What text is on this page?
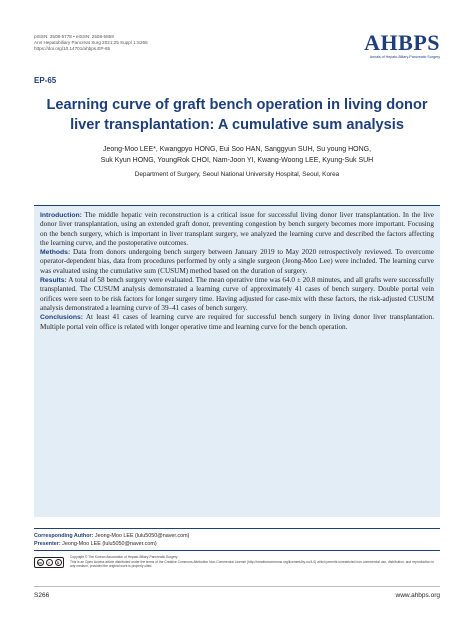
pISSN: 2508-5778 • eISSN: 2508-5859
Ann Hepatobiliary Pancreat Surg 2021;25 Suppl 1:S266
https://doi.org/10.14701/ahbps.EP-65	AHBPS
Annals of Hepato-Biliary-Pancreatic Surgery
EP-65
Learning curve of graft bench operation in living donor liver transplantation: A cumulative sum analysis
Jeong-Moo LEE*, Kwangpyo HONG, Eui Soo HAN, Sanggyun SUH, Su young HONG,
Suk Kyun HONG, YoungRok CHOI, Nam-Joon YI, Kwang-Woong LEE, Kyung-Suk SUH
Department of Surgery, Seoul National University Hospital, Seoul, Korea

Introduction: The middle hepatic vein reconstruction is a critical issue for successful living donor liver transplantation. In the live donor liver transplantation, using an extended graft donor, preventing congestion by bench surgery becomes more important. Focusing on the bench surgery, which is important in liver transplant surgery, we analyzed the learning curve and described the factors affecting the learning curve, and the postoperative outcomes.

Methods: Data from donors undergoing bench surgery between January 2019 to May 2020 retrospectively reviewed. To overcome operator-dependent bias, data from procedures performed by only a single surgeon (Jeong-Moo Lee) were included. The learning curve was evaluated using the cumulative sum (CUSUM) method based on the duration of surgery.

Results: A total of 58 bench surgery were evaluated. The mean operative time was 64.0 ± 20.8 minutes, and all grafts were successfully transplanted. The CUSUM analysis demonstrated a learning curve of approximately 41 cases of bench surgery. Double portal vein orifices were seen to be risk factors for longer surgery time. Having adjusted for case-mix with these factors, the risk-adjusted CUSUM analysis demonstrated a learning curve of 39–41 cases of bench surgery.

Conclusions: At least 41 cases of learning curve are required for successful bench surgery in living donor liver transplantation. Multiple portal vein office is related with longer operative time and learning curve for the bench operation.

Corresponding Author: Jeong-Moo LEE (lulu5050@naver.com)
Presenter: Jeong-Moo LEE (lulu5050@naver.com)
cc	i	$
Copyright © The Korean Association of Hepato-Biliary-Pancreatic Surgery
This is an Open Access article distributed under the terms of the Creative Commons Attribution Non-Commercial License (http://creativecommons.org/licenses/by-nc/4.0) which permits unrestricted non-commercial use, distribution, and reproduction in any medium, provided the original work is properly cited.
S266	www.ahbps.org
